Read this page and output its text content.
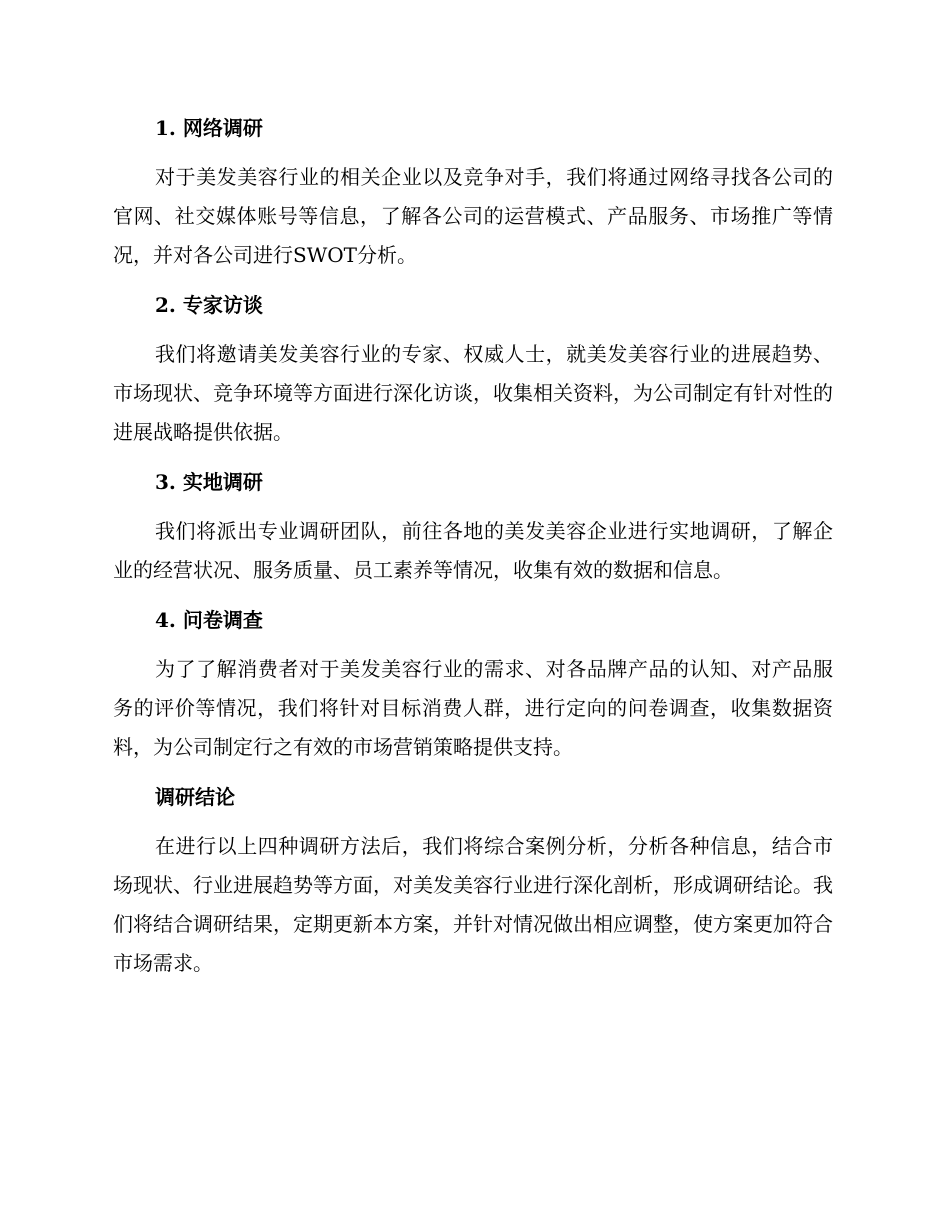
1. 网络调研

对于美发美容行业的相关企业以及竞争对手，我们将通过网络寻找各公司的官网、社交媒体账号等信息，了解各公司的运营模式、产品服务、市场推广等情况，并对各公司进行SWOT分析。

2. 专家访谈

我们将邀请美发美容行业的专家、权威人士，就美发美容行业的进展趋势、市场现状、竞争环境等方面进行深化访谈，收集相关资料，为公司制定有针对性的进展战略提供依据。

3. 实地调研

我们将派出专业调研团队，前往各地的美发美容企业进行实地调研，了解企业的经营状况、服务质量、员工素养等情况，收集有效的数据和信息。

4. 问卷调查

为了了解消费者对于美发美容行业的需求、对各品牌产品的认知、对产品服务的评价等情况，我们将针对目标消费人群，进行定向的问卷调查，收集数据资料，为公司制定行之有效的市场营销策略提供支持。

调研结论

在进行以上四种调研方法后，我们将综合案例分析，分析各种信息，结合市场现状、行业进展趋势等方面，对美发美容行业进行深化剖析，形成调研结论。我们将结合调研结果，定期更新本方案，并针对情况做出相应调整，使方案更加符合市场需求。
